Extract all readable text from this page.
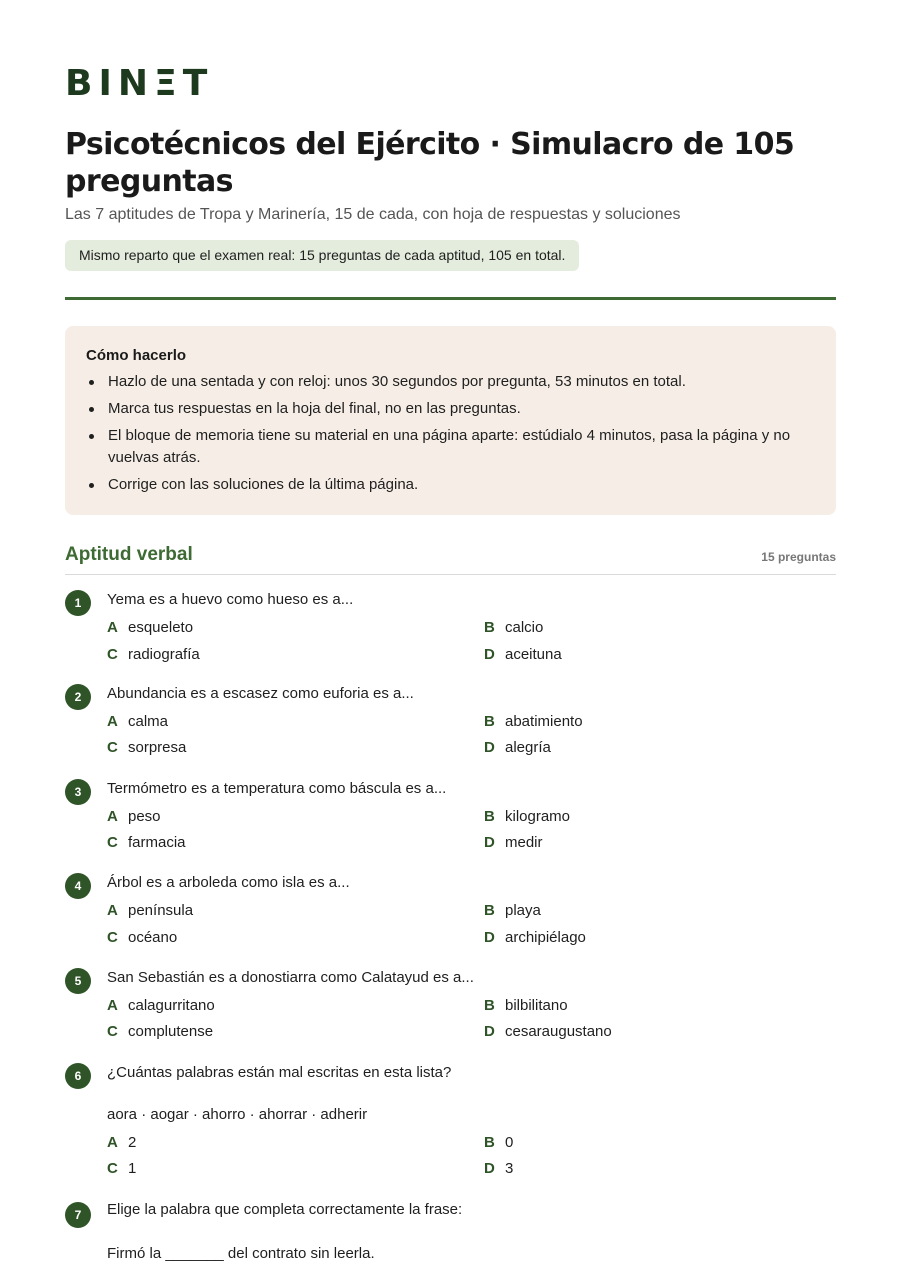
BINΞT
Psicotécnicos del Ejército · Simulacro de 105 preguntas
Las 7 aptitudes de Tropa y Marinería, 15 de cada, con hoja de respuestas y soluciones
Mismo reparto que el examen real: 15 preguntas de cada aptitud, 105 en total.
Cómo hacerlo
Hazlo de una sentada y con reloj: unos 30 segundos por pregunta, 53 minutos en total.
Marca tus respuestas en la hoja del final, no en las preguntas.
El bloque de memoria tiene su material en una página aparte: estúdialo 4 minutos, pasa la página y no vuelvas atrás.
Corrige con las soluciones de la última página.
Aptitud verbal	15 preguntas
1	Yema es a huevo como hueso es a...
A esqueleto	B calcio
C radiografía	D aceituna
2	Abundancia es a escasez como euforia es a...
A calma	B abatimiento
C sorpresa	D alegría
3	Termómetro es a temperatura como báscula es a...
A peso	B kilogramo
C farmacia	D medir
4	Árbol es a arboleda como isla es a...
A península	B playa
C océano	D archipiélago
5	San Sebastián es a donostiarra como Calatayud es a...
A calagurritano	B bilbilitano
C complutense	D cesaraugustano
6	¿Cuántas palabras están mal escritas en esta lista?
aora · aogar · ahorro · ahorrar · adherir
A 2	B 0
C 1	D 3
7	Elige la palabra que completa correctamente la frase:
Firmó la _______ del contrato sin leerla.
